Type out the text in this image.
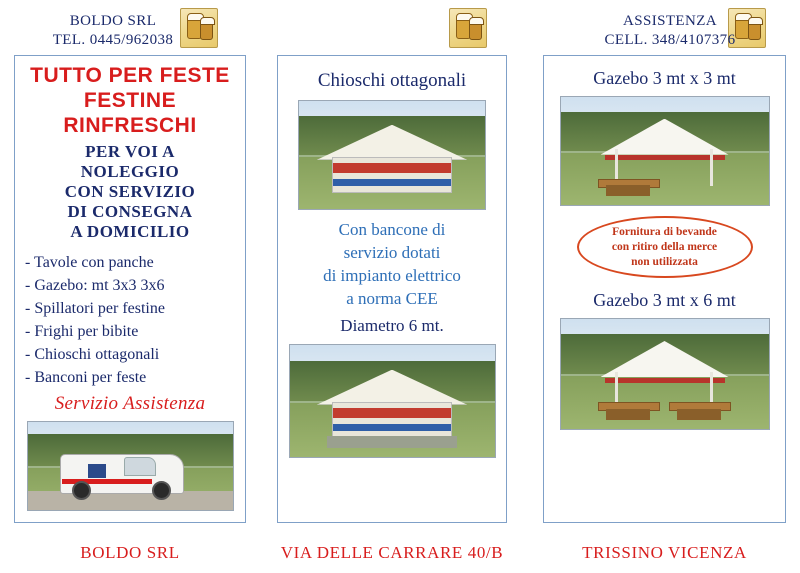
BOLDO SRL
TEL. 0445/962038
ASSISTENZA
CELL. 348/4107376
TUTTO PER FESTE
FESTINE
RINFRESCHI
PER VOI A
NOLEGGIO
CON SERVIZIO
DI CONSEGNA
A DOMICILIO
- Tavole con panche
- Gazebo: mt 3x3 3x6
- Spillatori per festine
- Frighi per bibite
- Chioschi ottagonali
- Banconi per feste
Servizio Assistenza
Chioschi ottagonali
Con bancone di
servizio dotati
di impianto elettrico
a norma CEE
Diametro 6 mt.
Gazebo 3 mt x 3 mt
Fornitura di bevande
con ritiro della merce
non utilizzata
Gazebo 3 mt x 6 mt
BOLDO SRL	VIA DELLE CARRARE 40/B	TRISSINO VICENZA
